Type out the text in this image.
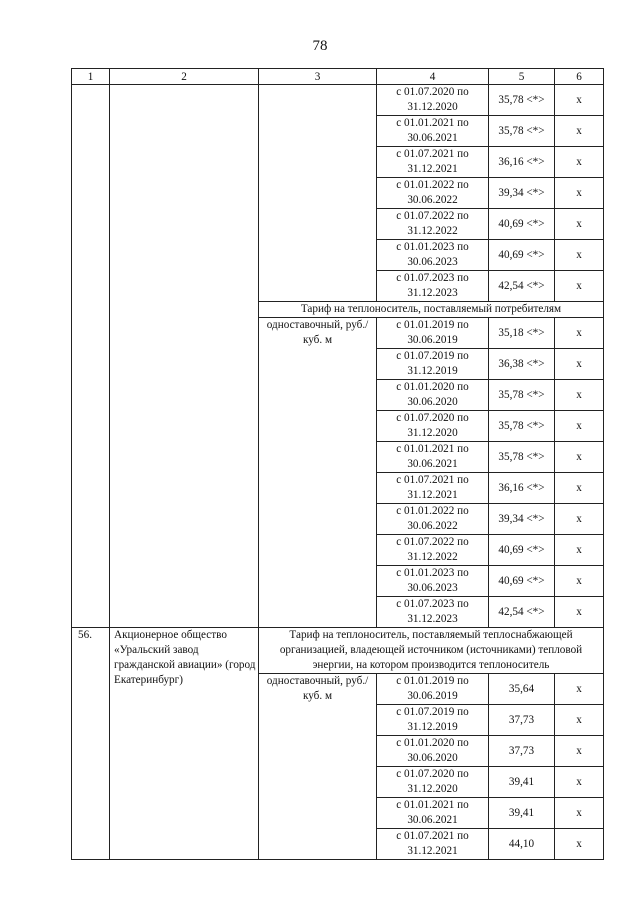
78
1	2	3	4	5	6
			с 01.07.2020 по 31.12.2020	35,78 <*>	х
			с 01.01.2021 по 30.06.2021	35,78 <*>	х
			с 01.07.2021 по 31.12.2021	36,16 <*>	х
			с 01.01.2022 по 30.06.2022	39,34 <*>	х
			с 01.07.2022 по 31.12.2022	40,69 <*>	х
			с 01.01.2023 по 30.06.2023	40,69 <*>	х
			с 01.07.2023 по 31.12.2023	42,54 <*>	х
		Тариф на теплоноситель, поставляемый потребителям			
		одноставочный, руб./куб. м	с 01.01.2019 по 30.06.2019	35,18 <*>	х
			с 01.07.2019 по 31.12.2019	36,38 <*>	х
			с 01.01.2020 по 30.06.2020	35,78 <*>	х
			с 01.07.2020 по 31.12.2020	35,78 <*>	х
			с 01.01.2021 по 30.06.2021	35,78 <*>	х
			с 01.07.2021 по 31.12.2021	36,16 <*>	х
			с 01.01.2022 по 30.06.2022	39,34 <*>	х
			с 01.07.2022 по 31.12.2022	40,69 <*>	х
			с 01.01.2023 по 30.06.2023	40,69 <*>	х
			с 01.07.2023 по 31.12.2023	42,54 <*>	х
56.	Акционерное общество «Уральский завод гражданской авиации» (город Екатеринбург)	Тариф на теплоноситель, поставляемый теплоснабжающей организацией, владеющей источником (источниками) тепловой энергии, на котором производится теплоноситель			
		одноставочный, руб./куб. м	с 01.01.2019 по 30.06.2019	35,64	х
			с 01.07.2019 по 31.12.2019	37,73	х
			с 01.01.2020 по 30.06.2020	37,73	х
			с 01.07.2020 по 31.12.2020	39,41	х
			с 01.01.2021 по 30.06.2021	39,41	х
			с 01.07.2021 по 31.12.2021	44,10	х
